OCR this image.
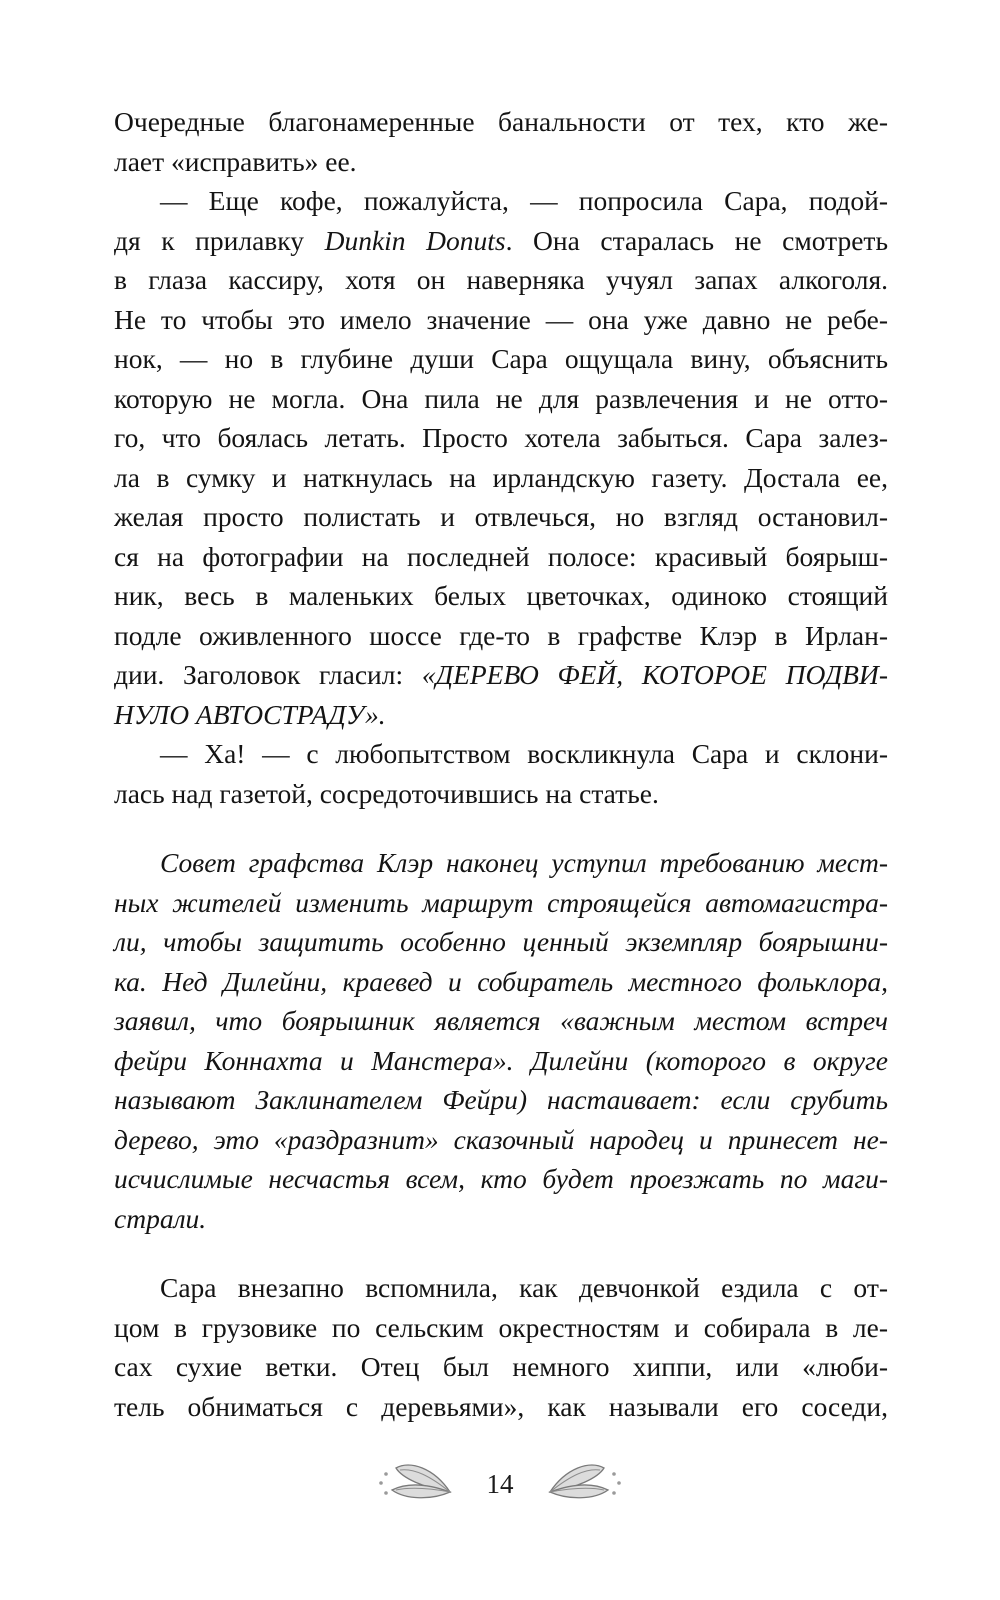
Очередные благонамеренные банальности от тех, кто же-
лает «исправить» ее.
— Еще кофе, пожалуйста, — попросила Сара, подой-
дя к прилавку Dunkin Donuts. Она старалась не смотреть
в глаза кассиру, хотя он наверняка учуял запах алкоголя.
Не то чтобы это имело значение — она уже давно не ребе-
нок, — но в глубине души Сара ощущала вину, объяснить
которую не могла. Она пила не для развлечения и не отто-
го, что боялась летать. Просто хотела забыться. Сара залез-
ла в сумку и наткнулась на ирландскую газету. Достала ее,
желая просто полистать и отвлечься, но взгляд остановил-
ся на фотографии на последней полосе: красивый боярыш-
ник, весь в маленьких белых цветочках, одиноко стоящий
подле оживленного шоссе где-то в графстве Клэр в Ирлан-
дии. Заголовок гласил: «ДЕРЕВО ФЕЙ, КОТОРОЕ ПОДВИ-
НУЛО АВТОСТРАДУ».
— Ха! — с любопытством воскликнула Сара и склони-
лась над газетой, сосредоточившись на статье.
Совет графства Клэр наконец уступил требованию мест-
ных жителей изменить маршрут строящейся автомагистра-
ли, чтобы защитить особенно ценный экземпляр боярышни-
ка. Нед Дилейни, краевед и собиратель местного фольклора,
заявил, что боярышник является «важным местом встреч
фейри Коннахта и Манстера». Дилейни (которого в округе
называют Заклинателем Фейри) настаивает: если срубить
дерево, это «раздразнит» сказочный народец и принесет не-
исчислимые несчастья всем, кто будет проезжать по маги-
страли.
Сара внезапно вспомнила, как девчонкой ездила с от-
цом в грузовике по сельским окрестностям и собирала в ле-
сах сухие ветки. Отец был немного хиппи, или «люби-
тель обниматься с деревьями», как называли его соседи,
14
